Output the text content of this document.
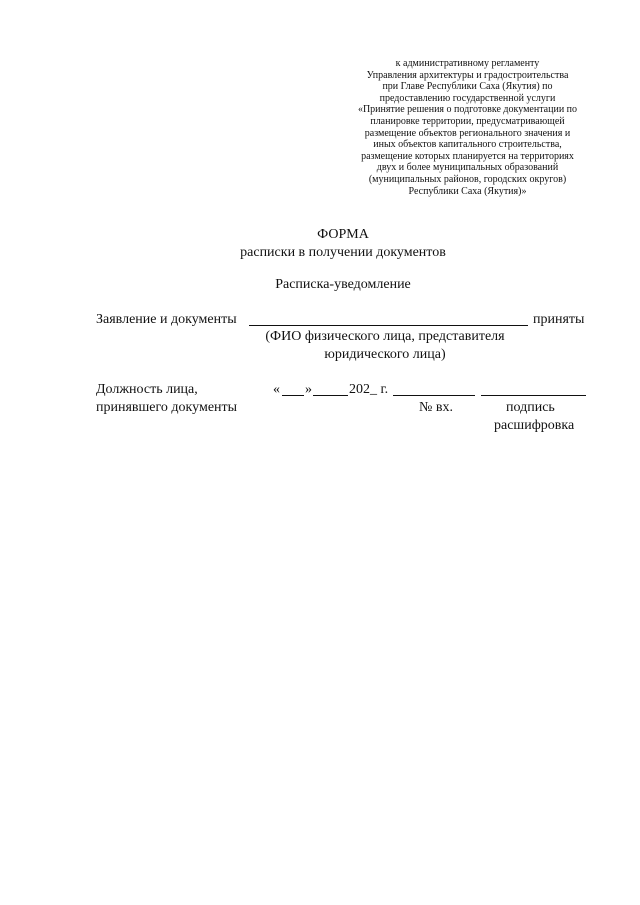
к административному регламенту
Управления архитектуры и градостроительства
при Главе Республики Саха (Якутия) по
предоставлению государственной услуги
«Принятие решения о подготовке документации по
планировке территории, предусматривающей
размещение объектов регионального значения и
иных объектов капитального строительства,
размещение которых планируется на территориях
двух и более муниципальных образований
(муниципальных районов, городских округов)
Республики Саха (Якутия)»
ФОРМА
расписки в получении документов
Расписка-уведомление
Заявление и документы	приняты
(ФИО физического лица, представителя
юридического лица)
Должность лица,
принявшего документы
« »	202_ г.
№ вх.	подпись
расшифровка
